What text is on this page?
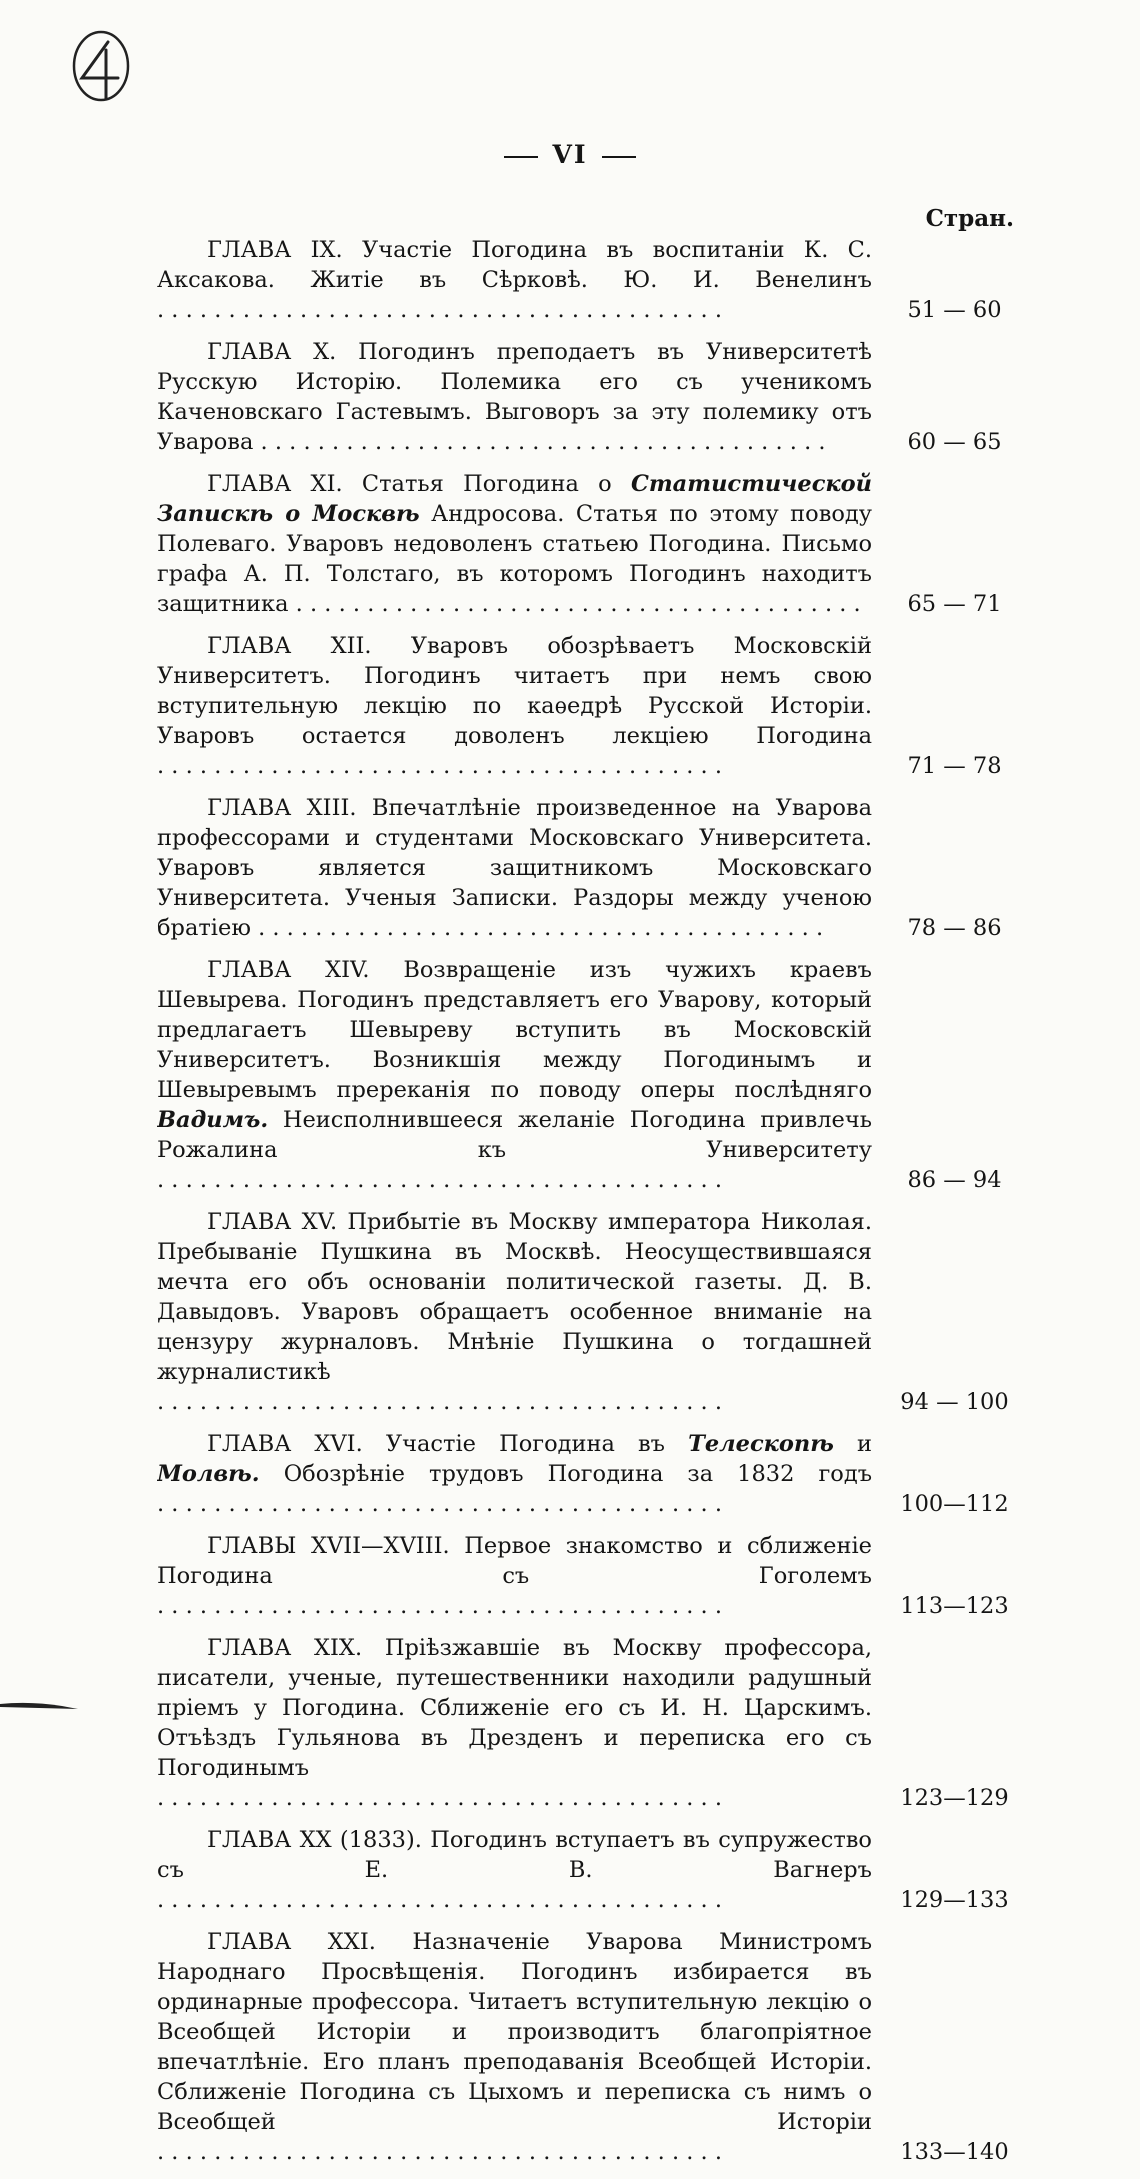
VI
Стран.
ГЛАВА IX. Участіе Погодина въ воспитаніи К. С. Аксакова. Житіе въ Сѣрковѣ. Ю. И. Венелинъ . . .
51 — 60
ГЛАВА X. Погодинъ преподаетъ въ Университетѣ Русскую Исторію. Полемика его съ ученикомъ Каченовскаго Гастевымъ. Выговоръ за эту полемику отъ Уварова . . .	60 — 65
ГЛАВА XI. Статья Погодина о Статистической Запискѣ о Москвѣ Андросова. Статья по этому поводу Полеваго. Уваровъ недоволенъ статьею Погодина. Письмо графа А. П. Толстаго, въ которомъ Погодинъ находитъ защитника . . .	65 — 71
ГЛАВА XII. Уваровъ обозрѣваетъ Московскій Университетъ. Погодинъ читаетъ при немъ свою вступительную лекцію по каѳедрѣ Русской Исторіи. Уваровъ остается доволенъ лекціею Погодина . . .
71 — 78
ГЛАВА XIII. Впечатлѣніе произведенное на Уварова профессорами и студентами Московскаго Университета. Уваровъ является защитникомъ Московскаго Университета. Ученыя Записки. Раздоры между ученою братіею . . .	78 — 86
ГЛАВА XIV. Возвращеніе изъ чужихъ краевъ Шевырева. Погодинъ представляетъ его Уварову, который предлагаетъ Шевыреву вступить въ Московскій Университетъ. Возникшія между Погодинымъ и Шевыревымъ пререканія по поводу оперы послѣдняго Вадимъ. Неисполнившееся желаніе Погодина привлечь Рожалина къ Университету . . .
86 — 94
ГЛАВА XV. Прибытіе въ Москву императора Николая. Пребываніе Пушкина въ Москвѣ. Неосуществившаяся мечта его объ основаніи политической газеты. Д. В. Давыдовъ. Уваровъ обращаетъ особенное вниманіе на цензуру журналовъ. Мнѣніе Пушкина о тогдашней журналистикѣ . . .
94 — 100
ГЛАВА XVI. Участіе Погодина въ Телескопѣ и Молвѣ. Обозрѣніе трудовъ Погодина за 1832 годъ . . .
100—112
ГЛАВЫ XVII—XVIII. Первое знакомство и сближеніе Погодина съ Гоголемъ . . .
113—123
ГЛАВА XIX. Пріѣзжавшіе въ Москву профессора, писатели, ученые, путешественники находили радушный пріемъ у Погодина. Сближеніе его съ И. Н. Царскимъ. Отъѣздъ Гульянова въ Дрезденъ и переписка его съ Погодинымъ . . .
123—129
ГЛАВА XX (1833). Погодинъ вступаетъ въ супружество съ Е. В. Вагнеръ . . .
129—133
ГЛАВА XXI. Назначеніе Уварова Министромъ Народнаго Просвѣщенія. Погодинъ избирается въ ординарные профессора. Читаетъ вступительную лекцію о Всеобщей Исторіи и производитъ благопріятное впечатлѣніе. Его планъ преподаванія Всеобщей Исторіи. Сближеніе Погодина съ Цыхомъ и переписка съ нимъ о Всеобщей Исторіи . . .
133—140
